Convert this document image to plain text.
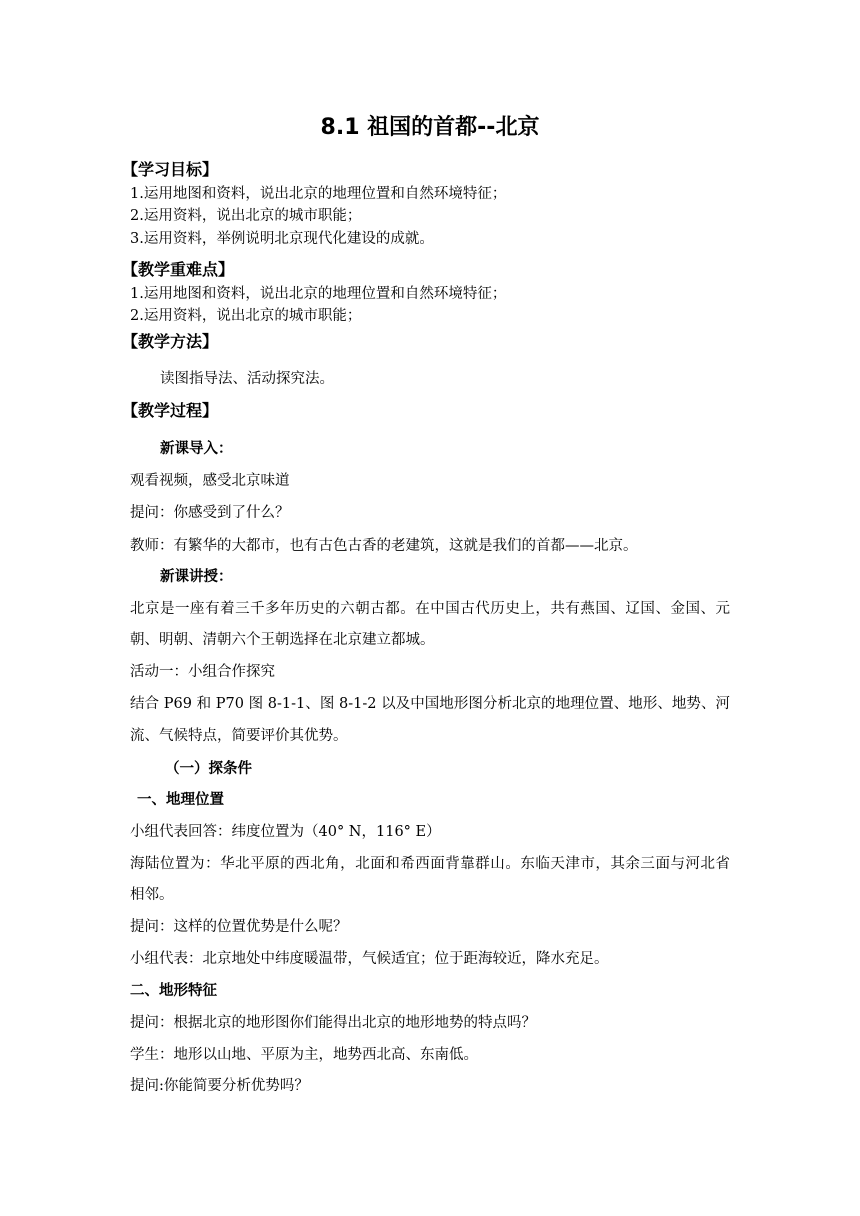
8.1 祖国的首都--北京
【学习目标】
1.运用地图和资料，说出北京的地理位置和自然环境特征；
2.运用资料，说出北京的城市职能；
3.运用资料，举例说明北京现代化建设的成就。
【教学重难点】
1.运用地图和资料，说出北京的地理位置和自然环境特征；
2.运用资料，说出北京的城市职能；
【教学方法】
读图指导法、活动探究法。
【教学过程】
新课导入：
观看视频，感受北京味道
提问：你感受到了什么？
教师：有繁华的大都市，也有古色古香的老建筑，这就是我们的首都——北京。
新课讲授：
北京是一座有着三千多年历史的六朝古都。在中国古代历史上，共有燕国、辽国、金国、元
朝、明朝、清朝六个王朝选择在北京建立都城。
活动一：小组合作探究
结合 P69 和 P70 图 8-1-1、图 8-1-2 以及中国地形图分析北京的地理位置、地形、地势、河
流、气候特点，简要评价其优势。
（一）探条件
一、地理位置
小组代表回答：纬度位置为（40° N，116° E）
海陆位置为：华北平原的西北角，北面和希西面背靠群山。东临天津市，其余三面与河北省
相邻。
提问：这样的位置优势是什么呢？
小组代表：北京地处中纬度暖温带，气候适宜；位于距海较近，降水充足。
二、地形特征
提问：根据北京的地形图你们能得出北京的地形地势的特点吗？
学生：地形以山地、平原为主，地势西北高、东南低。
提问:你能简要分析优势吗？
